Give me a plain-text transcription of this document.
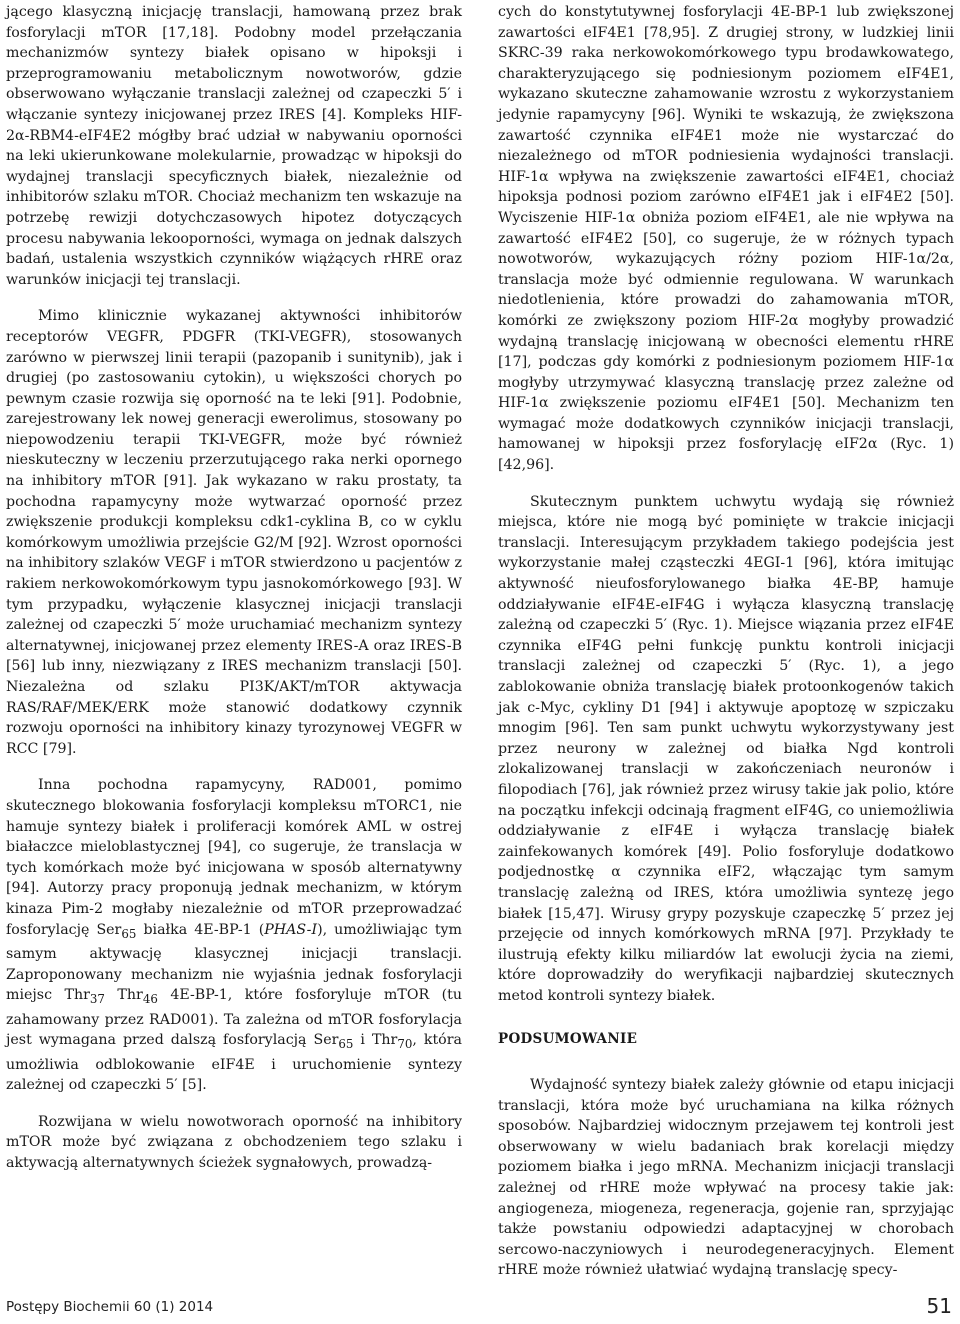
jącego klasyczną inicjację translacji, hamowaną przez brak fosforylacji mTOR [17,18]. Podobny model przełączania mechanizmów syntezy białek opisano w hipoksji i przeprogramowaniu metabolicznym nowotworów, gdzie obserwowano wyłączanie translacji zależnej od czapeczki 5′ i włączanie syntezy inicjowanej przez IRES [4]. Kompleks HIF-2α-RBM4-eIF4E2 mógłby brać udział w nabywaniu oporności na leki ukierunkowane molekularnie, prowadząc w hipoksji do wydajnej translacji specyficznych białek, niezależnie od inhibitorów szlaku mTOR. Chociaż mechanizm ten wskazuje na potrzebę rewizji dotychczasowych hipotez dotyczących procesu nabywania lekooporności, wymaga on jednak dalszych badań, ustalenia wszystkich czynników wiążących rHRE oraz warunków inicjacji tej translacji.

Mimo klinicznie wykazanej aktywności inhibitorów receptorów VEGFR, PDGFR (TKI-VEGFR), stosowanych zarówno w pierwszej linii terapii (pazopanib i sunitynib), jak i drugiej (po zastosowaniu cytokin), u większości chorych po pewnym czasie rozwija się oporność na te leki [91]. Podobnie, zarejestrowany lek nowej generacji ewerolimus, stosowany po niepowodzeniu terapii TKI-VEGFR, może być również nieskuteczny w leczeniu przerzutującego raka nerki opornego na inhibitory mTOR [91]. Jak wykazano w raku prostaty, ta pochodna rapamycyny może wytwarzać oporność przez zwiększenie produkcji kompleksu cdk1-cyklina B, co w cyklu komórkowym umożliwia przejście G2/M [92]. Wzrost oporności na inhibitory szlaków VEGF i mTOR stwierdzono u pacjentów z rakiem nerkowokomórkowym typu jasnokomórkowego [93]. W tym przypadku, wyłączenie klasycznej inicjacji translacji zależnej od czapeczki 5′ może uruchamiać mechanizm syntezy alternatywnej, inicjowanej przez elementy IRES-A oraz IRES-B [56] lub inny, niezwiązany z IRES mechanizm translacji [50]. Niezależna od szlaku PI3K/AKT/mTOR aktywacja RAS/RAF/MEK/ERK może stanowić dodatkowy czynnik rozwoju oporności na inhibitory kinazy tyrozynowej VEGFR w RCC [79].

Inna pochodna rapamycyny, RAD001, pomimo skutecznego blokowania fosforylacji kompleksu mTORC1, nie hamuje syntezy białek i proliferacji komórek AML w ostrej białaczce mieloblastycznej [94], co sugeruje, że translacja w tych komórkach może być inicjowana w sposób alternatywny [94]. Autorzy pracy proponują jednak mechanizm, w którym kinaza Pim-2 mogłaby niezależnie od mTOR przeprowadzać fosforylację Ser$_{65}$ białka 4E-BP-1 (PHAS-I), umożliwiając tym samym aktywację klasycznej inicjacji translacji. Zaproponowany mechanizm nie wyjaśnia jednak fosforylacji miejsc Thr$_{37}$ Thr$_{46}$ 4E-BP-1, które fosforyluje mTOR (tu zahamowany przez RAD001). Ta zależna od mTOR fosforylacja jest wymagana przed dalszą fosforylacją Ser$_{65}$ i Thr$_{70}$, która umożliwia odblokowanie eIF4E i uruchomienie syntezy zależnej od czapeczki 5′ [5].

Rozwijana w wielu nowotworach oporność na inhibitory mTOR może być związana z obchodzeniem tego szlaku i aktywacją alternatywnych ścieżek sygnałowych, prowadzą-

cych do konstytutywnej fosforylacji 4E-BP-1 lub zwiększonej zawartości eIF4E1 [78,95]. Z drugiej strony, w ludzkiej linii SKRC-39 raka nerkowokomórkowego typu brodawkowatego, charakteryzującego się podniesionym poziomem eIF4E1, wykazano skuteczne zahamowanie wzrostu z wykorzystaniem jedynie rapamycyny [96]. Wyniki te wskazują, że zwiększona zawartość czynnika eIF4E1 może nie wystarczać do niezależnego od mTOR podniesienia wydajności translacji. HIF-1α wpływa na zwiększenie zawartości eIF4E1, chociaż hipoksja podnosi poziom zarówno eIF4E1 jak i eIF4E2 [50]. Wyciszenie HIF-1α obniża poziom eIF4E1, ale nie wpływa na zawartość eIF4E2 [50], co sugeruje, że w różnych typach nowotworów, wykazujących różny poziom HIF-1α/2α, translacja może być odmiennie regulowana. W warunkach niedotlenienia, które prowadzi do zahamowania mTOR, komórki ze zwiększony poziom HIF-2α mogłyby prowadzić wydajną translację inicjowaną w obecności elementu rHRE [17], podczas gdy komórki z podniesionym poziomem HIF-1α mogłyby utrzymywać klasyczną translację przez zależne od HIF-1α zwiększenie poziomu eIF4E1 [50]. Mechanizm ten wymagać może dodatkowych czynników inicjacji translacji, hamowanej w hipoksji przez fosforylację eIF2α (Ryc. 1) [42,96].

Skutecznym punktem uchwytu wydają się również miejsca, które nie mogą być pominięte w trakcie inicjacji translacji. Interesującym przykładem takiego podejścia jest wykorzystanie małej cząsteczki 4EGI-1 [96], która imitując aktywność nieufosforylowanego białka 4E-BP, hamuje oddziaływanie eIF4E-eIF4G i wyłącza klasyczną translację zależną od czapeczki 5′ (Ryc. 1). Miejsce wiązania przez eIF4E czynnika eIF4G pełni funkcję punktu kontroli inicjacji translacji zależnej od czapeczki 5′ (Ryc. 1), a jego zablokowanie obniża translację białek protoonkogenów takich jak c-Myc, cykliny D1 [94] i aktywuje apoptozę w szpiczaku mnogim [96]. Ten sam punkt uchwytu wykorzystywany jest przez neurony w zależnej od białka Ngd kontroli zlokalizowanej translacji w zakończeniach neuronów i filopodiach [76], jak również przez wirusy takie jak polio, które na początku infekcji odcinają fragment eIF4G, co uniemożliwia oddziaływanie z eIF4E i wyłącza translację białek zainfekowanych komórek [49]. Polio fosforyluje dodatkowo podjednostkę α czynnika eIF2, włączając tym samym translację zależną od IRES, która umożliwia syntezę jego białek [15,47]. Wirusy grypy pozyskuje czapeczkę 5′ przez jej przejęcie od innych komórkowych mRNA [97]. Przykłady te ilustrują efekty kilku miliardów lat ewolucji życia na ziemi, które doprowadziły do weryfikacji najbardziej skutecznych metod kontroli syntezy białek.

PODSUMOWANIE

Wydajność syntezy białek zależy głównie od etapu inicjacji translacji, która może być uruchamiana na kilka różnych sposobów. Najbardziej widocznym przejawem tej kontroli jest obserwowany w wielu badaniach brak korelacji między poziomem białka i jego mRNA. Mechanizm inicjacji translacji zależnej od rHRE może wpływać na procesy takie jak: angiogeneza, miogeneza, regeneracja, gojenie ran, sprzyjając także powstaniu odpowiedzi adaptacyjnej w chorobach sercowo-naczyniowych i neurodegeneracyjnych. Element rHRE może również ułatwiać wydajną translację specy-

Postępy Biochemii 60 (1) 2014	51
